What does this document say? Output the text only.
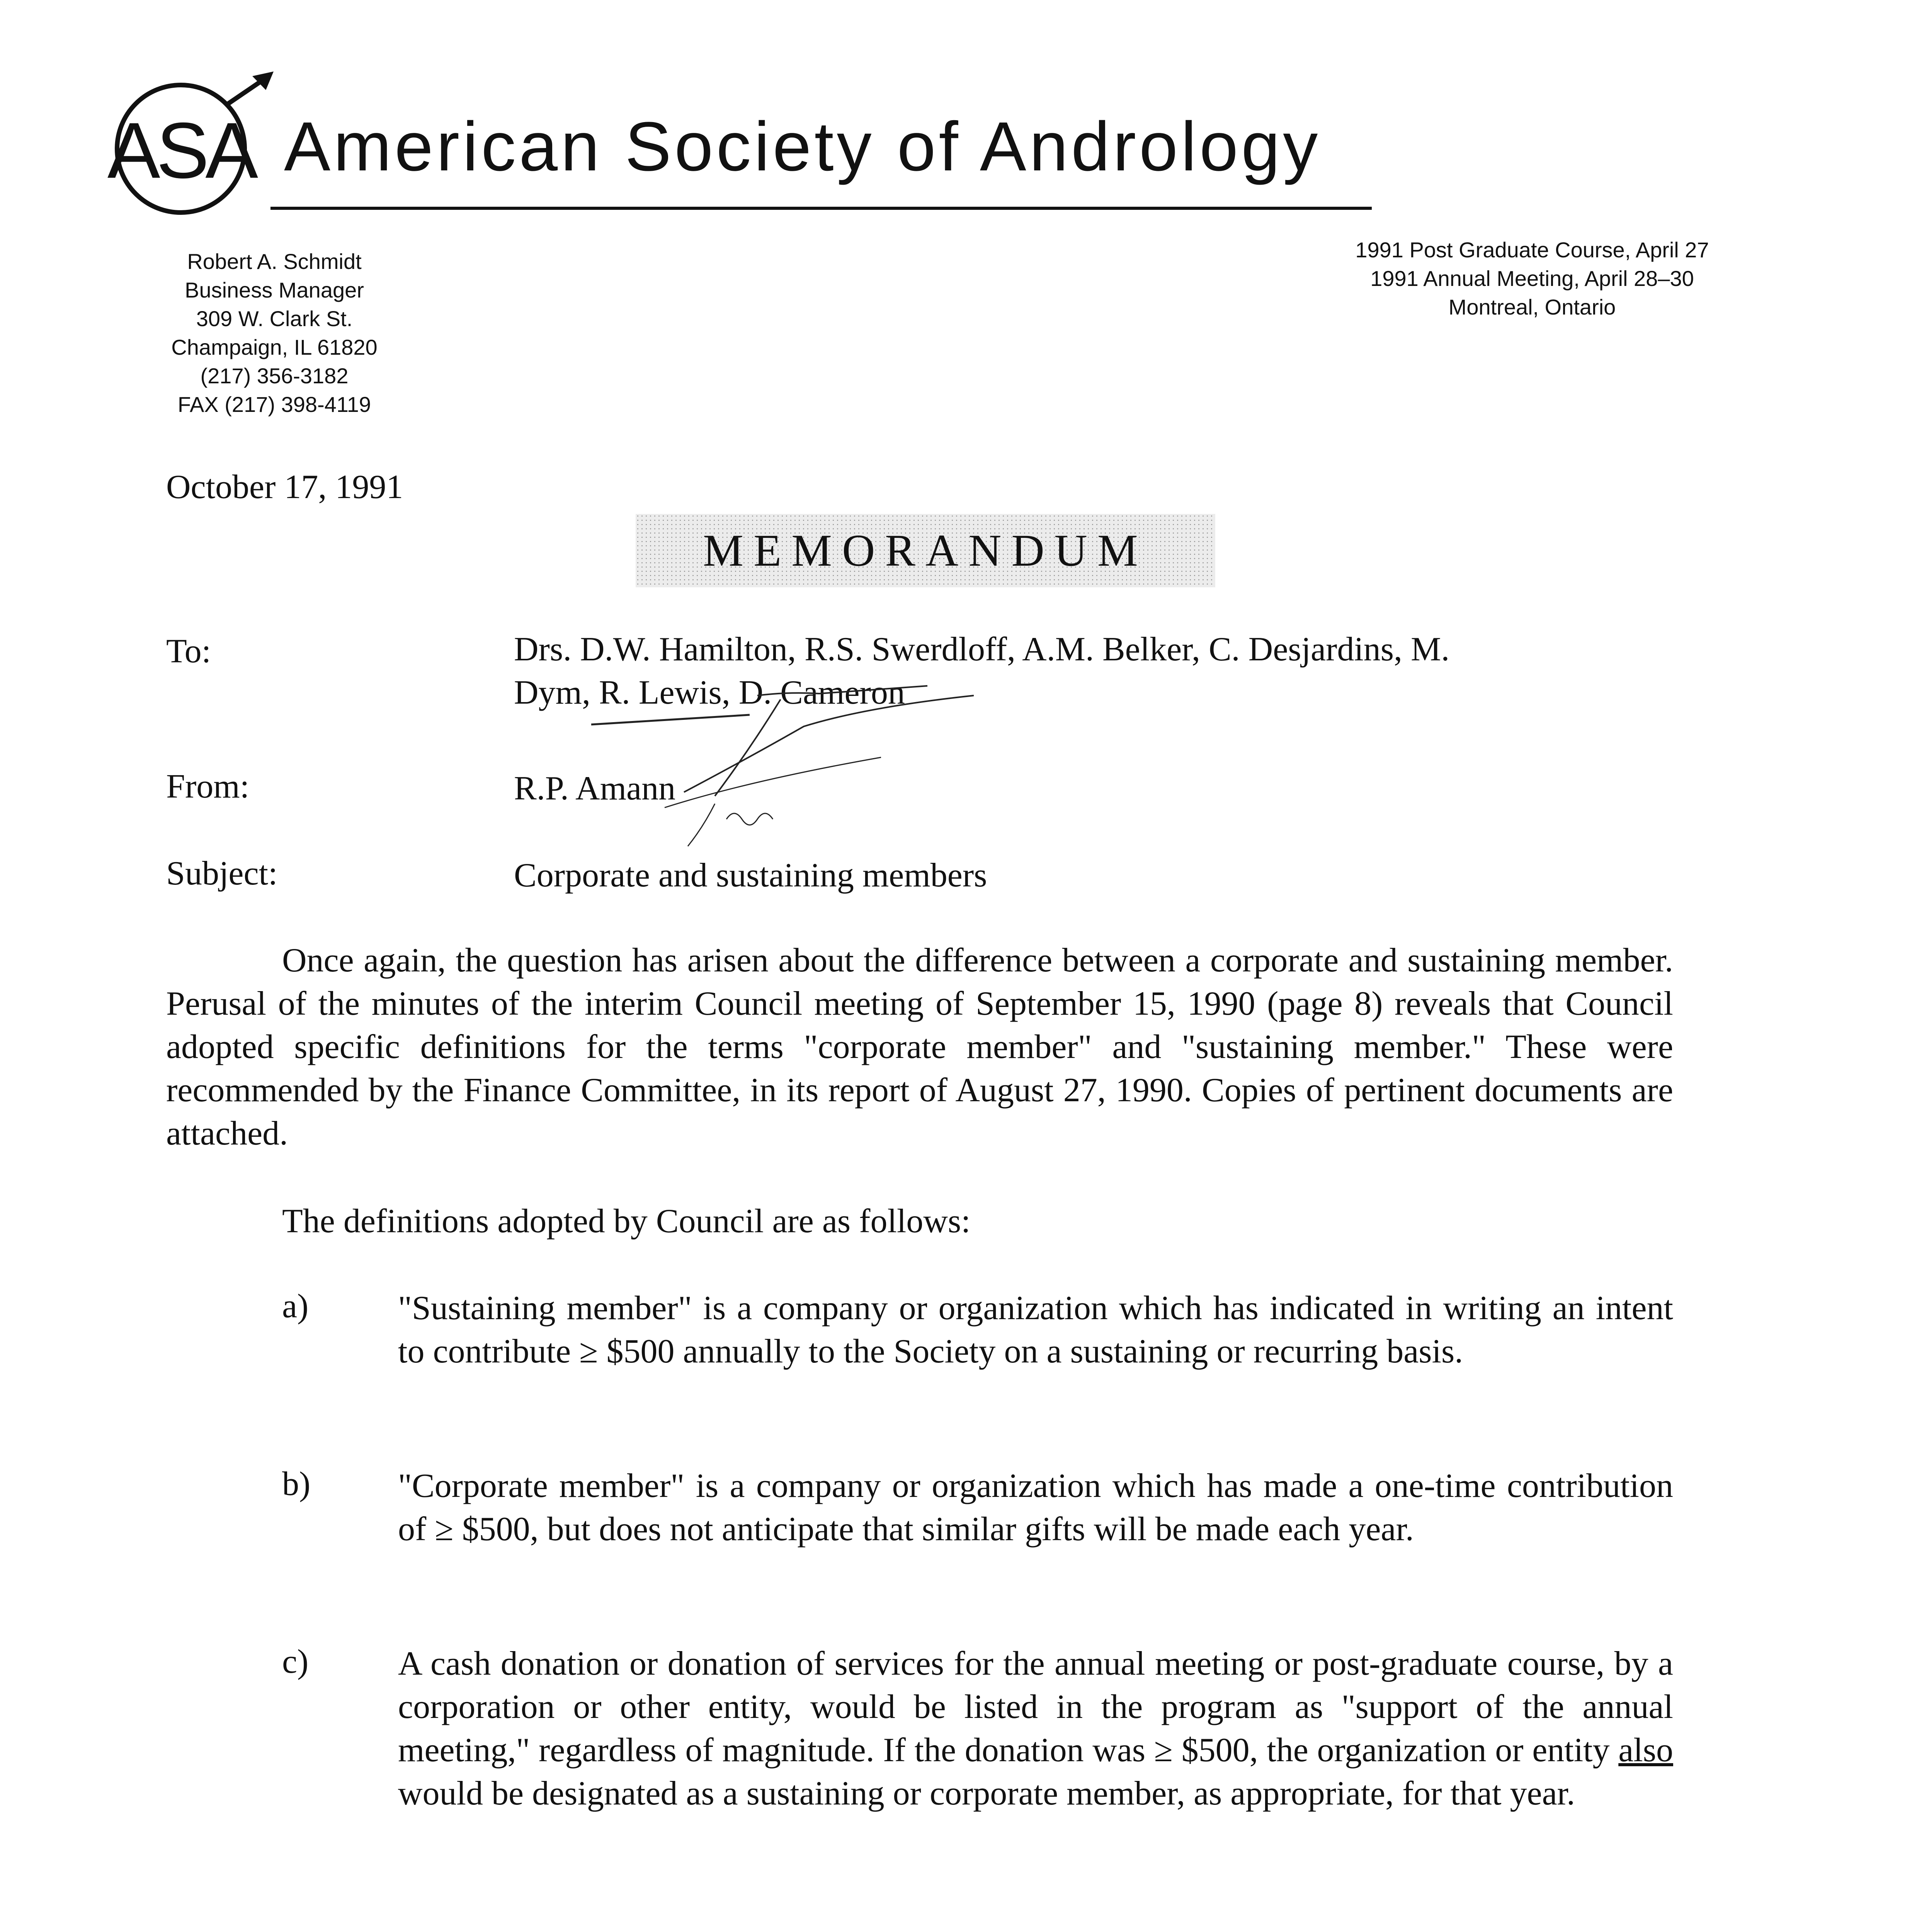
ASA American Society of Andrology
Robert A. Schmidt
Business Manager
309 W. Clark St.
Champaign, IL 61820
(217) 356-3182
FAX (217) 398-4119
1991 Post Graduate Course, April 27
1991 Annual Meeting, April 28–30
Montreal, Ontario
October 17, 1991
MEMORANDUM
To:	Drs. D.W. Hamilton, R.S. Swerdloff, A.M. Belker, C. Desjardins, M.
Dym, R. Lewis, D. Cameron
From:	R.P. Amann
Subject:	Corporate and sustaining members
Once again, the question has arisen about the difference between a corporate and sustaining member. Perusal of the minutes of the interim Council meeting of September 15, 1990 (page 8) reveals that Council adopted specific definitions for the terms "corporate member" and "sustaining member." These were recommended by the Finance Committee, in its report of August 27, 1990. Copies of pertinent documents are attached.
The definitions adopted by Council are as follows:
a)	"Sustaining member" is a company or organization which has indicated in writing an intent to contribute ≥ $500 annually to the Society on a sustaining or recurring basis.
b)	"Corporate member" is a company or organization which has made a one-time contribution of ≥ $500, but does not anticipate that similar gifts will be made each year.
c)	A cash donation or donation of services for the annual meeting or post-graduate course, by a corporation or other entity, would be listed in the program as "support of the annual meeting," regardless of magnitude. If the donation was ≥ $500, the organization or entity also would be designated as a sustaining or corporate member, as appropriate, for that year.
